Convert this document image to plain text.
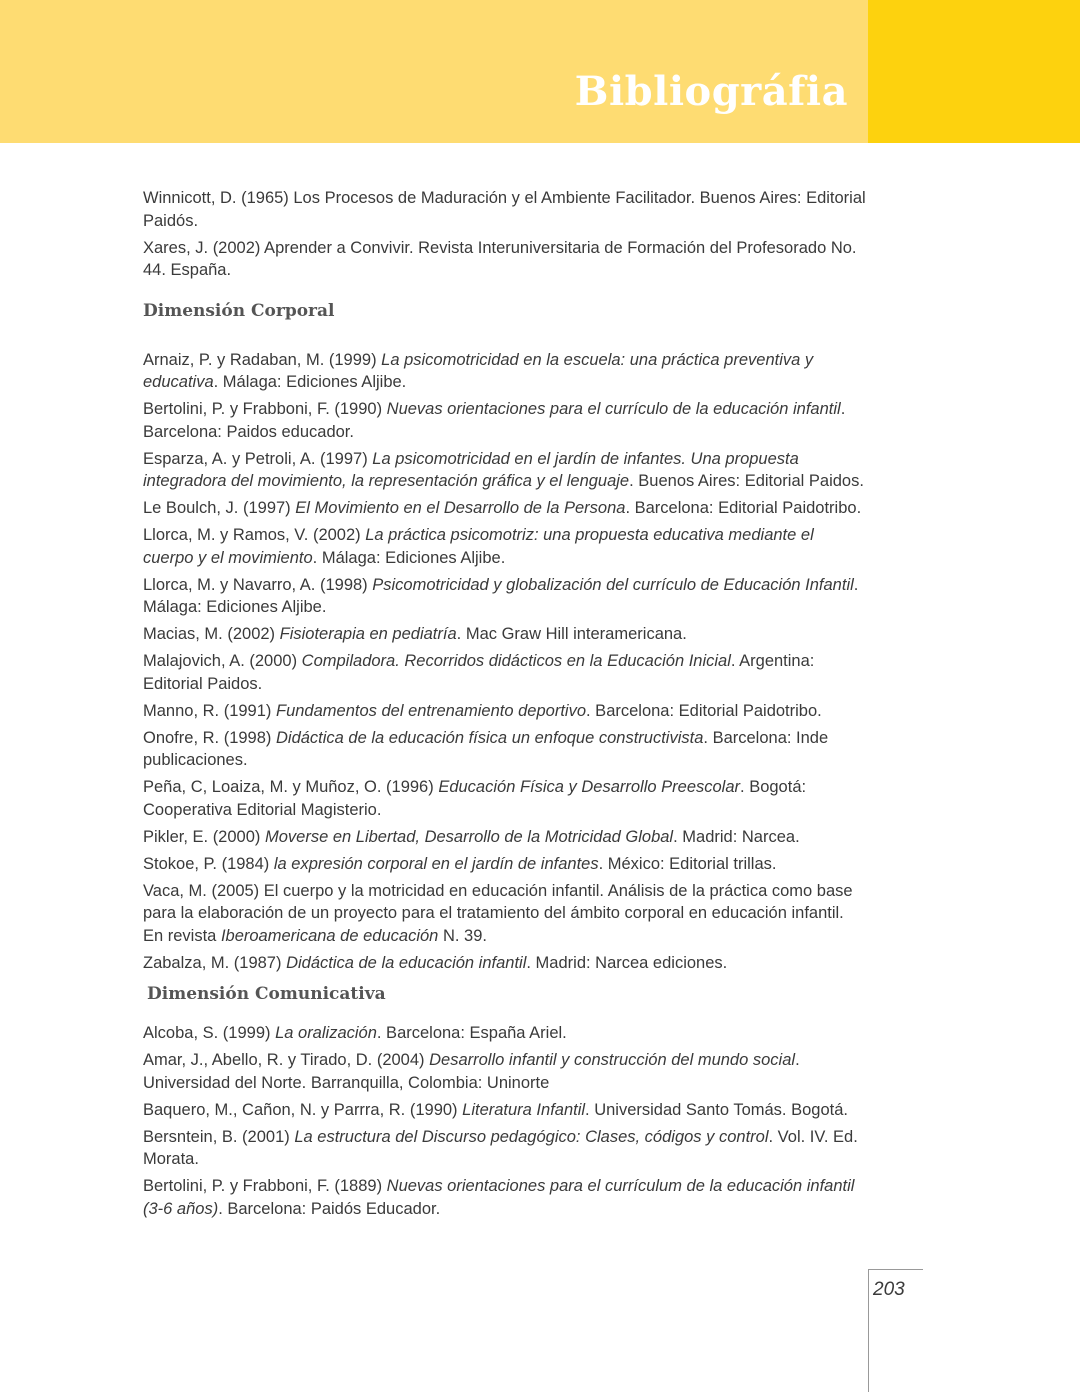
Bibliográfia

Winnicott, D. (1965) Los Procesos de Maduración y el Ambiente Facilitador. Buenos Aires: Editorial Paidós.

Xares, J. (2002) Aprender a Convivir. Revista Interuniversitaria de Formación del Profesorado No. 44. España.

Dimensión Corporal

Arnaiz, P. y Radaban, M. (1999) La psicomotricidad en la escuela: una práctica preventiva y educativa. Málaga: Ediciones Aljibe.

Bertolini, P. y Frabboni, F. (1990) Nuevas orientaciones para el currículo de la educación infantil. Barcelona: Paidos educador.

Esparza, A. y Petroli, A. (1997) La psicomotricidad en el jardín de infantes. Una propuesta integradora del movimiento, la representación gráfica y el lenguaje. Buenos Aires: Editorial Paidos.

Le Boulch, J. (1997) El Movimiento en el Desarrollo de la Persona. Barcelona: Editorial Paidotribo.

Llorca, M. y Ramos, V. (2002) La práctica psicomotriz: una propuesta educativa mediante el cuerpo y el movimiento. Málaga: Ediciones Aljibe.

Llorca, M. y Navarro, A. (1998) Psicomotricidad y globalización del currículo de Educación Infantil. Málaga: Ediciones Aljibe.

Macias, M. (2002) Fisioterapia en pediatría. Mac Graw Hill interamericana.

Malajovich, A. (2000) Compiladora. Recorridos didácticos en la Educación Inicial. Argentina: Editorial Paidos.

Manno, R. (1991) Fundamentos del entrenamiento deportivo. Barcelona: Editorial Paidotribo.

Onofre, R. (1998) Didáctica de la educación física un enfoque constructivista. Barcelona: Inde publicaciones.

Peña, C, Loaiza, M. y Muñoz, O. (1996) Educación Física y Desarrollo Preescolar. Bogotá: Cooperativa Editorial Magisterio.

Pikler, E. (2000) Moverse en Libertad, Desarrollo de la Motricidad Global. Madrid: Narcea.

Stokoe, P. (1984) la expresión corporal en el jardín de infantes. México: Editorial trillas.

Vaca, M. (2005) El cuerpo y la motricidad en educación infantil. Análisis de la práctica como base para la elaboración de un proyecto para el tratamiento del ámbito corporal en educación infantil. En revista Iberoamericana de educación N. 39.

Zabalza, M. (1987) Didáctica de la educación infantil. Madrid: Narcea ediciones.

Dimensión Comunicativa

Alcoba, S. (1999) La oralización. Barcelona: España Ariel.

Amar, J., Abello, R. y Tirado, D. (2004) Desarrollo infantil y construcción del mundo social. Universidad del Norte. Barranquilla, Colombia: Uninorte

Baquero, M., Cañon, N. y Parrra, R. (1990) Literatura Infantil. Universidad Santo Tomás. Bogotá.

Bersntein, B. (2001) La estructura del Discurso pedagógico: Clases, códigos y control. Vol. IV. Ed. Morata.

Bertolini, P. y Frabboni, F. (1889) Nuevas orientaciones para el currículum de la educación infantil (3-6 años). Barcelona: Paidós Educador.

203
